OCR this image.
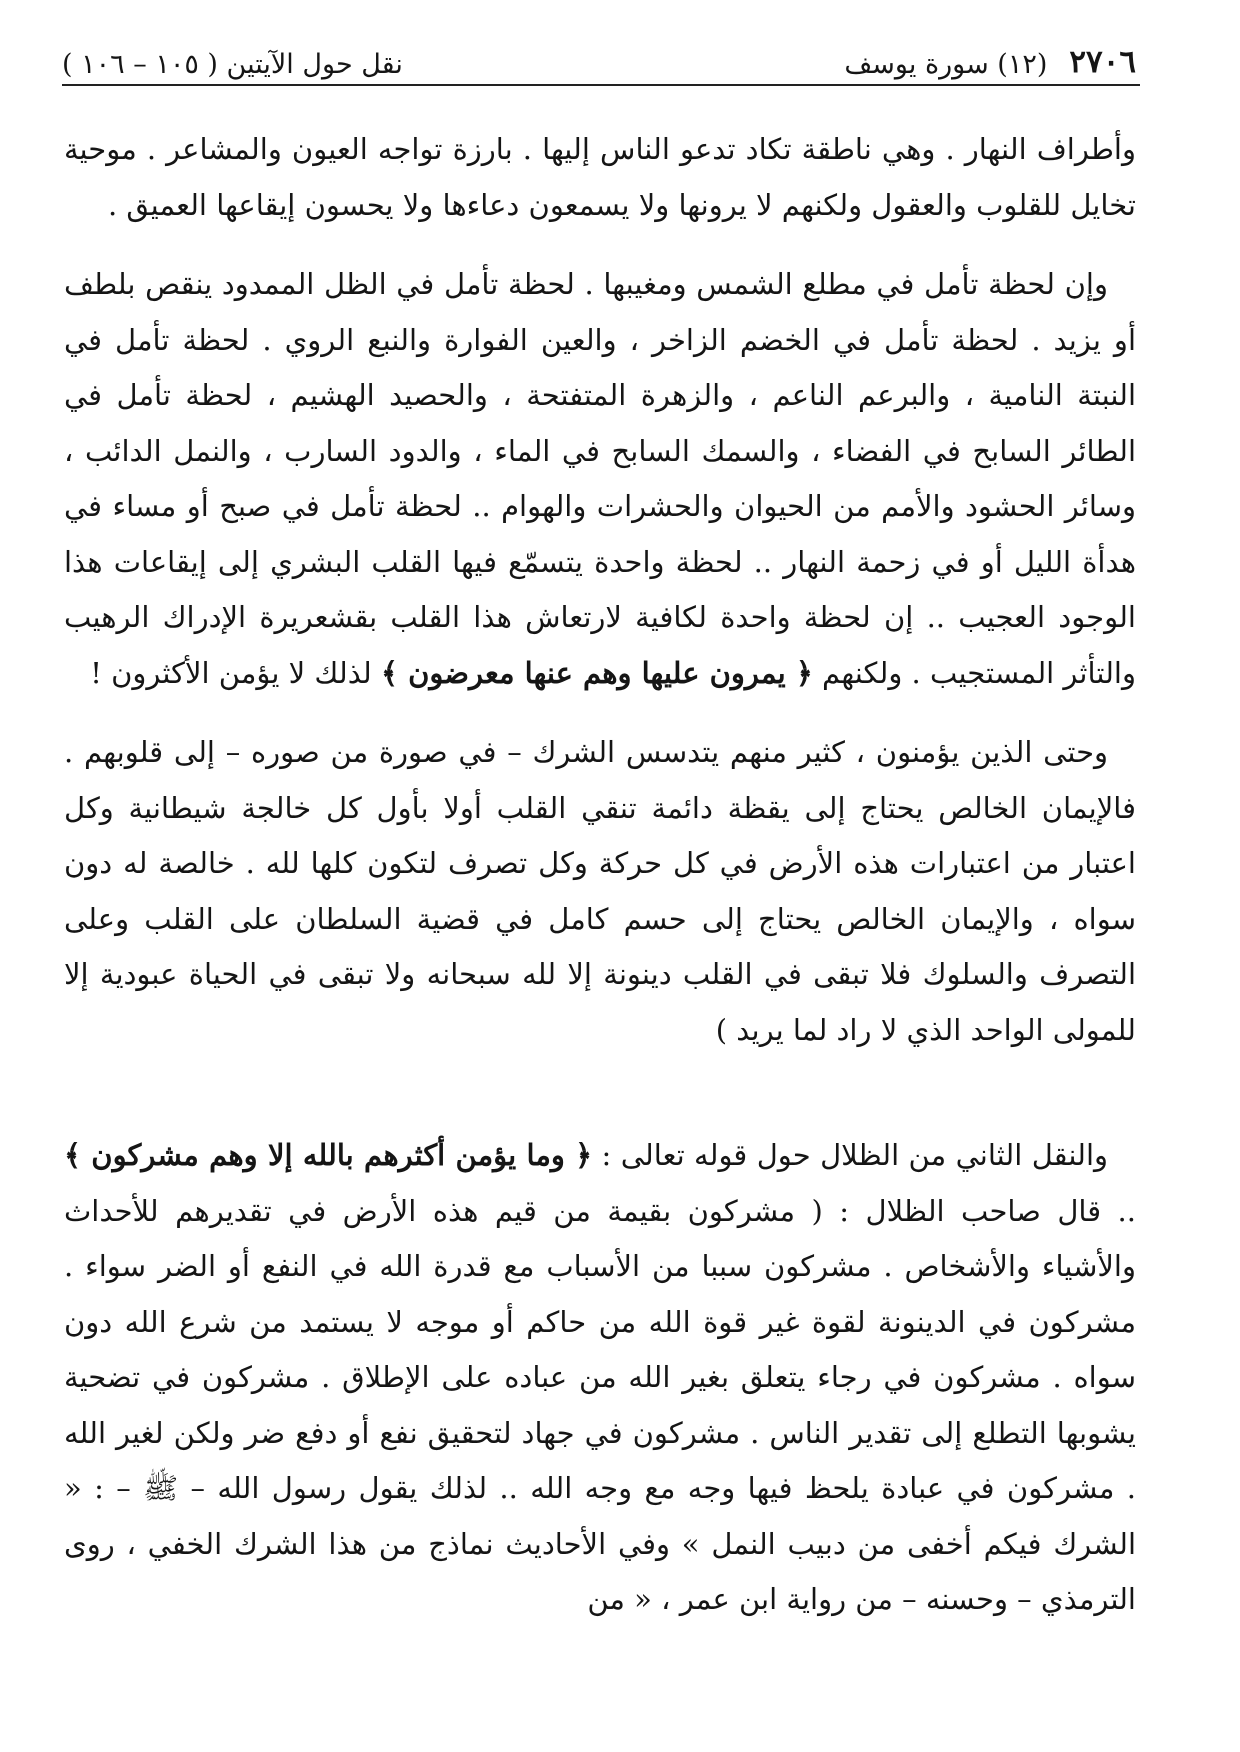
٢٧٠٦
(١٢) سورة يوسف
نقل حول الآيتين ( ١٠٥ – ١٠٦ )

وأطراف النهار . وهي ناطقة تكاد تدعو الناس إليها . بارزة تواجه العيون والمشاعر . موحية تخايل للقلوب والعقول ولكنهم لا يرونها ولا يسمعون دعاءها ولا يحسون إيقاعها العميق .

وإن لحظة تأمل في مطلع الشمس ومغيبها . لحظة تأمل في الظل الممدود ينقص بلطف أو يزيد . لحظة تأمل في الخضم الزاخر ، والعين الفوارة والنبع الروي . لحظة تأمل في النبتة النامية ، والبرعم الناعم ، والزهرة المتفتحة ، والحصيد الهشيم ، لحظة تأمل في الطائر السابح في الفضاء ، والسمك السابح في الماء ، والدود السارب ، والنمل الدائب ، وسائر الحشود والأمم من الحيوان والحشرات والهوام .. لحظة تأمل في صبح أو مساء في هدأة الليل أو في زحمة النهار .. لحظة واحدة يتسمّع فيها القلب البشري إلى إيقاعات هذا الوجود العجيب .. إن لحظة واحدة لكافية لارتعاش هذا القلب بقشعريرة الإدراك الرهيب والتأثر المستجيب . ولكنهم ﴿ يمرون عليها وهم عنها معرضون ﴾ لذلك لا يؤمن الأكثرون !

وحتى الذين يؤمنون ، كثير منهم يتدسس الشرك – في صورة من صوره – إلى قلوبهم . فالإيمان الخالص يحتاج إلى يقظة دائمة تنقي القلب أولا بأول كل خالجة شيطانية وكل اعتبار من اعتبارات هذه الأرض في كل حركة وكل تصرف لتكون كلها لله . خالصة له دون سواه ، والإيمان الخالص يحتاج إلى حسم كامل في قضية السلطان على القلب وعلى التصرف والسلوك فلا تبقى في القلب دينونة إلا لله سبحانه ولا تبقى في الحياة عبودية إلا للمولى الواحد الذي لا راد لما يريد )

والنقل الثاني من الظلال حول قوله تعالى : ﴿ وما يؤمن أكثرهم بالله إلا وهم مشركون ﴾ .. قال صاحب الظلال : ( مشركون بقيمة من قيم هذه الأرض في تقديرهم للأحداث والأشياء والأشخاص . مشركون سببا من الأسباب مع قدرة الله في النفع أو الضر سواء . مشركون في الدينونة لقوة غير قوة الله من حاكم أو موجه لا يستمد من شرع الله دون سواه . مشركون في رجاء يتعلق بغير الله من عباده على الإطلاق . مشركون في تضحية يشوبها التطلع إلى تقدير الناس . مشركون في جهاد لتحقيق نفع أو دفع ضر ولكن لغير الله . مشركون في عبادة يلحظ فيها وجه مع وجه الله .. لذلك يقول رسول الله – ﷺ – : « الشرك فيكم أخفى من دبيب النمل » وفي الأحاديث نماذج من هذا الشرك الخفي ، روى الترمذي – وحسنه – من رواية ابن عمر ، « من
